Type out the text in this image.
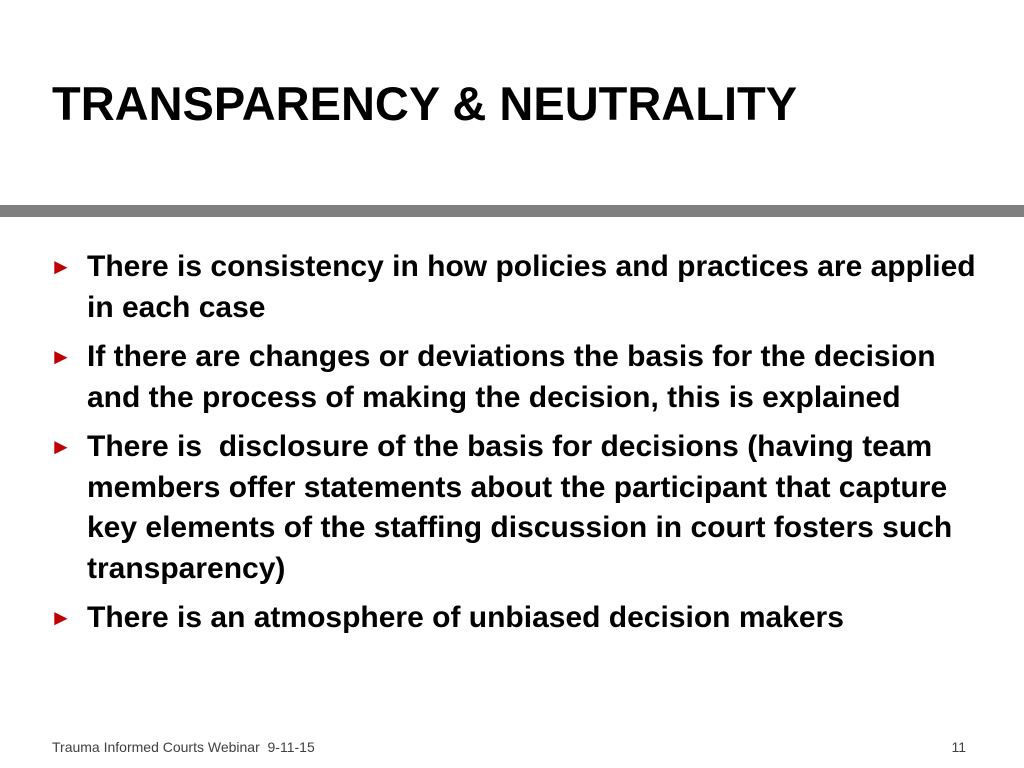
TRANSPARENCY & NEUTRALITY
► There is consistency in how policies and practices are applied in each case
► If there are changes or deviations the basis for the decision and the process of making the decision, this is explained
► There is  disclosure of the basis for decisions (having team members offer statements about the participant that capture key elements of the staffing discussion in court fosters such transparency)
► There is an atmosphere of unbiased decision makers
Trauma Informed Courts Webinar  9-11-15	11
